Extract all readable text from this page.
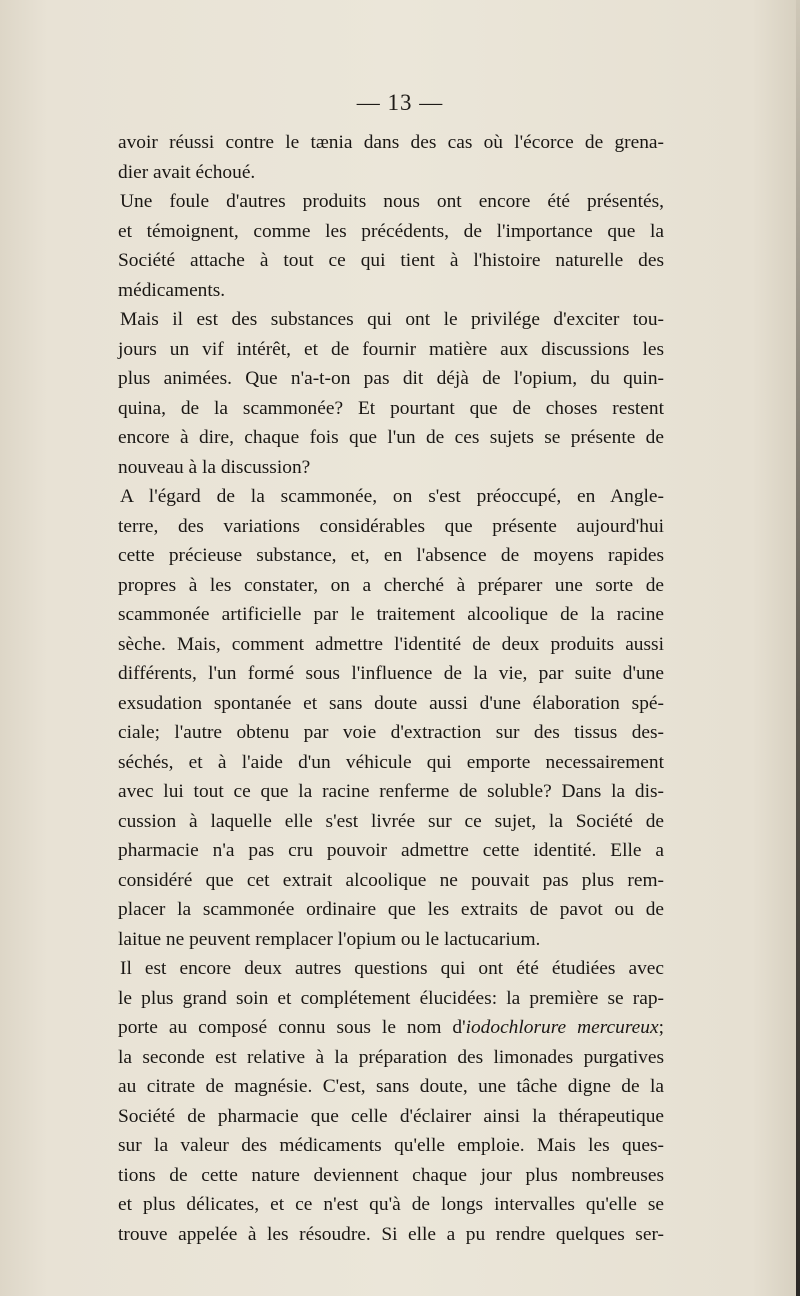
— 13 —
avoir réussi contre le tænia dans des cas où l'écorce de grena-
dier avait échoué.
Une foule d'autres produits nous ont encore été présentés,
et témoignent, comme les précédents, de l'importance que la
Société attache à tout ce qui tient à l'histoire naturelle des
médicaments.
Mais il est des substances qui ont le privilége d'exciter tou-
jours un vif intérêt, et de fournir matière aux discussions les
plus animées. Que n'a-t-on pas dit déjà de l'opium, du quin-
quina, de la scammonée? Et pourtant que de choses restent
encore à dire, chaque fois que l'un de ces sujets se présente de
nouveau à la discussion?
A l'égard de la scammonée, on s'est préoccupé, en Angle-
terre, des variations considérables que présente aujourd'hui
cette précieuse substance, et, en l'absence de moyens rapides
propres à les constater, on a cherché à préparer une sorte de
scammonée artificielle par le traitement alcoolique de la racine
sèche. Mais, comment admettre l'identité de deux produits aussi
différents, l'un formé sous l'influence de la vie, par suite d'une
exsudation spontanée et sans doute aussi d'une élaboration spé-
ciale; l'autre obtenu par voie d'extraction sur des tissus des-
séchés, et à l'aide d'un véhicule qui emporte necessairement
avec lui tout ce que la racine renferme de soluble? Dans la dis-
cussion à laquelle elle s'est livrée sur ce sujet, la Société de
pharmacie n'a pas cru pouvoir admettre cette identité. Elle a
considéré que cet extrait alcoolique ne pouvait pas plus rem-
placer la scammonée ordinaire que les extraits de pavot ou de
laitue ne peuvent remplacer l'opium ou le lactucarium.
Il est encore deux autres questions qui ont été étudiées avec
le plus grand soin et complétement élucidées: la première se rap-
porte au composé connu sous le nom d'iodochlorure mercureux;
la seconde est relative à la préparation des limonades purgatives
au citrate de magnésie. C'est, sans doute, une tâche digne de la
Société de pharmacie que celle d'éclairer ainsi la thérapeutique
sur la valeur des médicaments qu'elle emploie. Mais les ques-
tions de cette nature deviennent chaque jour plus nombreuses
et plus délicates, et ce n'est qu'à de longs intervalles qu'elle se
trouve appelée à les résoudre. Si elle a pu rendre quelques ser-
